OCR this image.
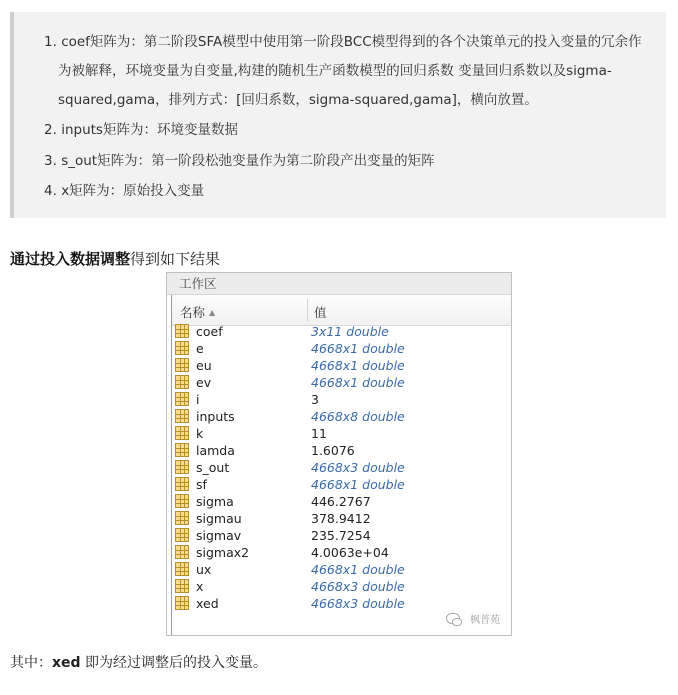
1. coef矩阵为：第二阶段SFA模型中使用第一阶段BCC模型得到的各个决策单元的投入变量的冗余作
为被解释，环境变量为自变量,构建的随机生产函数模型的回归系数 变量回归系数以及sigma-
squared,gama，排列方式：[回归系数，sigma-squared,gama]，横向放置。
2. inputs矩阵为：环境变量数据
3. s_out矩阵为：第一阶段松弛变量作为第二阶段产出变量的矩阵
4. x矩阵为：原始投入变量
通过投入数据调整得到如下结果
工作区
名称 ▲	值
coef	3x11 double
e	4668x1 double
eu	4668x1 double
ev	4668x1 double
i	3
inputs	4668x8 double
k	11
lamda	1.6076
s_out	4668x3 double
sf	4668x1 double
sigma	446.2767
sigmau	378.9412
sigmav	235.7254
sigmax2	4.0063e+04
ux	4668x1 double
x	4668x3 double
xed	4668x3 double
枫普苑
其中：xed 即为经过调整后的投入变量。
